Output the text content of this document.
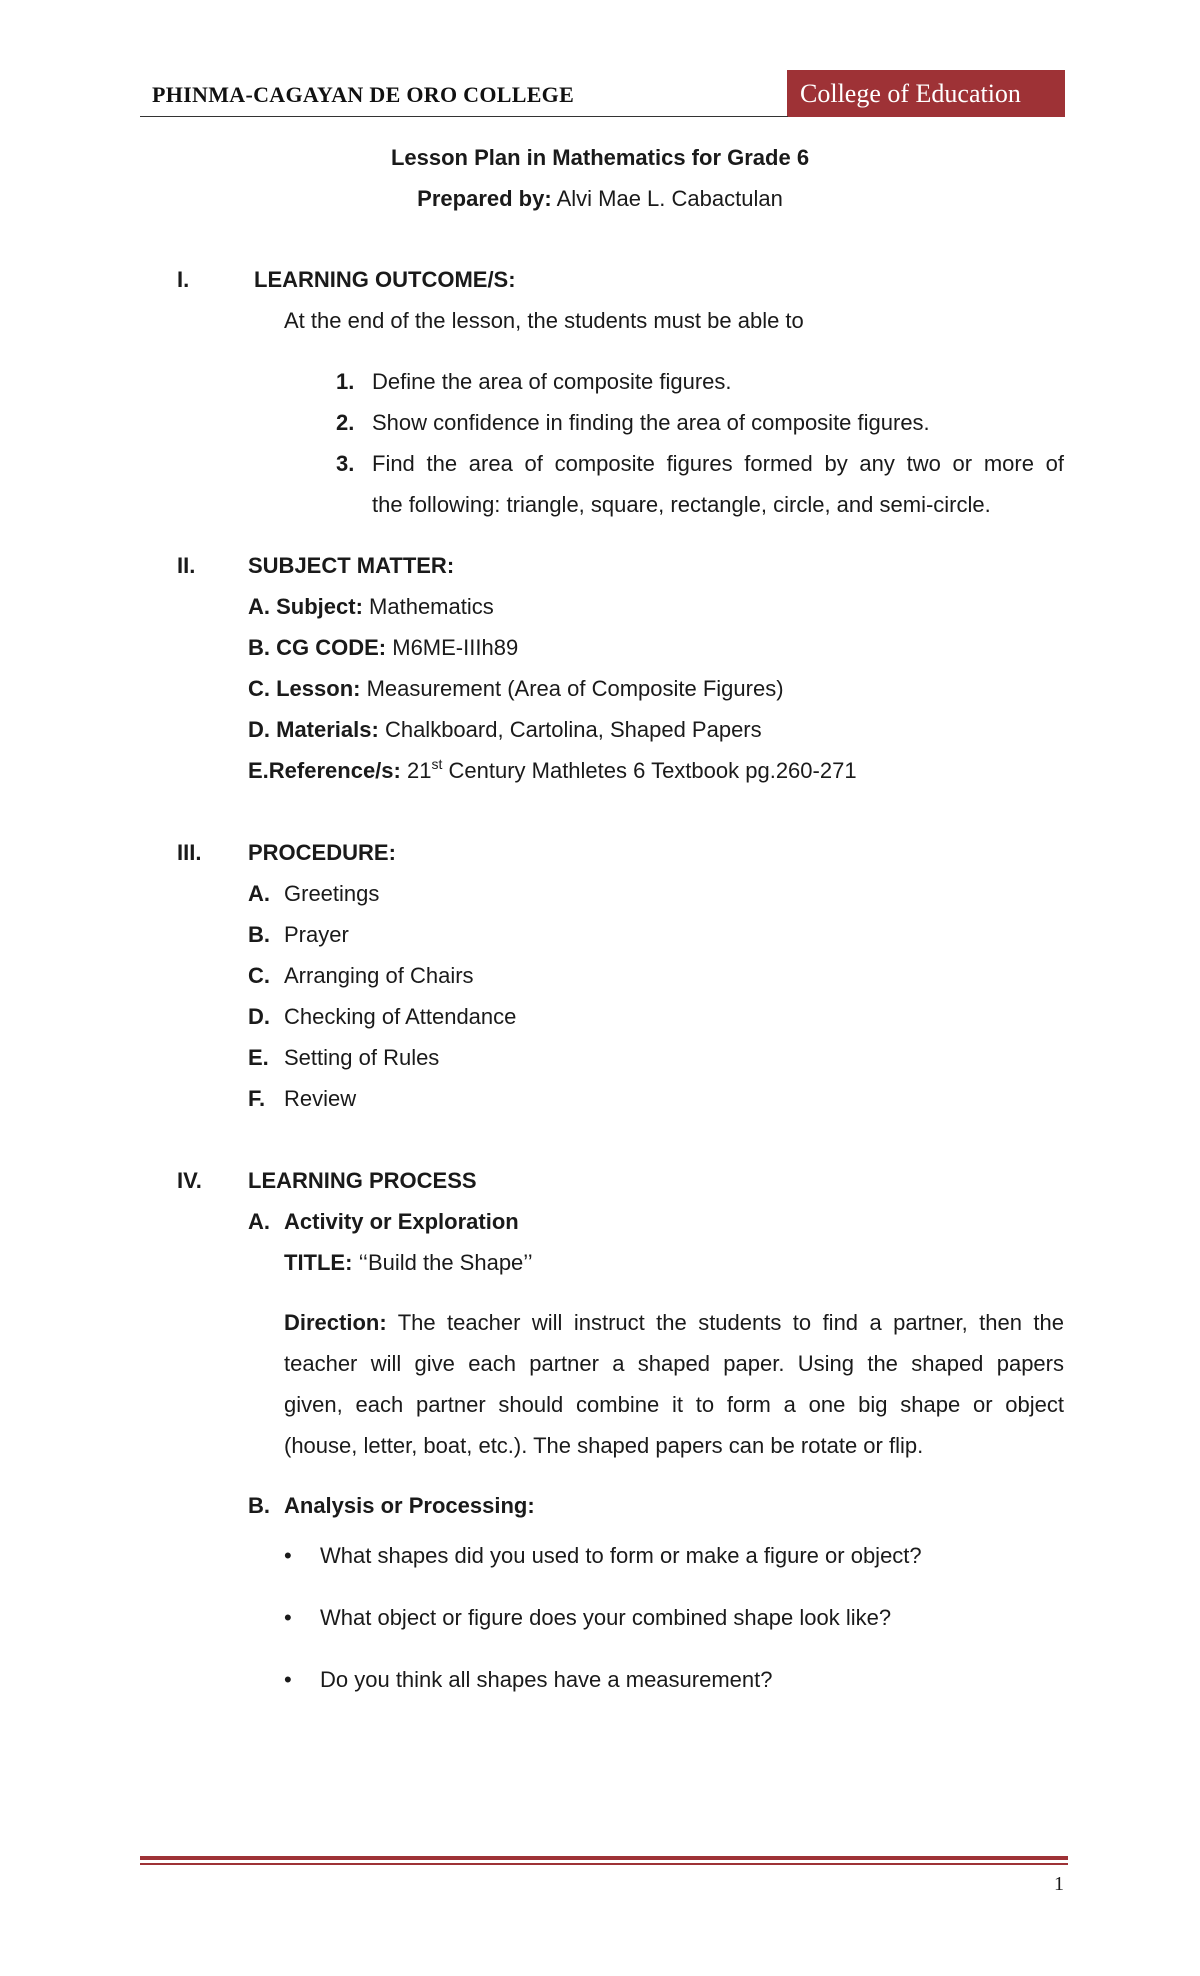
PHINMA-CAGAYAN DE ORO COLLEGE	College of Education
Lesson Plan in Mathematics for Grade 6
Prepared by: Alvi Mae L. Cabactulan
I.	LEARNING OUTCOME/S:
At the end of the lesson, the students must be able to
1. Define the area of composite figures.
2. Show confidence in finding the area of composite figures.
3. Find the area of composite figures formed by any two or more of
the following: triangle, square, rectangle, circle, and semi-circle.
II. SUBJECT MATTER:
A. Subject: Mathematics
B. CG CODE: M6ME-IIIh89
C. Lesson: Measurement (Area of Composite Figures)
D. Materials: Chalkboard, Cartolina, Shaped Papers
E.Reference/s: 21st Century Mathletes 6 Textbook pg.260-271
III. PROCEDURE:
A. Greetings
B. Prayer
C. Arranging of Chairs
D. Checking of Attendance
E. Setting of Rules
F. Review
IV. LEARNING PROCESS
A. Activity or Exploration
TITLE: ‘‘Build the Shape’’
Direction: The teacher will instruct the students to find a partner, then the
teacher will give each partner a shaped paper. Using the shaped papers
given, each partner should combine it to form a one big shape or object
(house, letter, boat, etc.). The shaped papers can be rotate or flip.
B. Analysis or Processing:
• What shapes did you used to form or make a figure or object?
• What object or figure does your combined shape look like?
• Do you think all shapes have a measurement?
1
